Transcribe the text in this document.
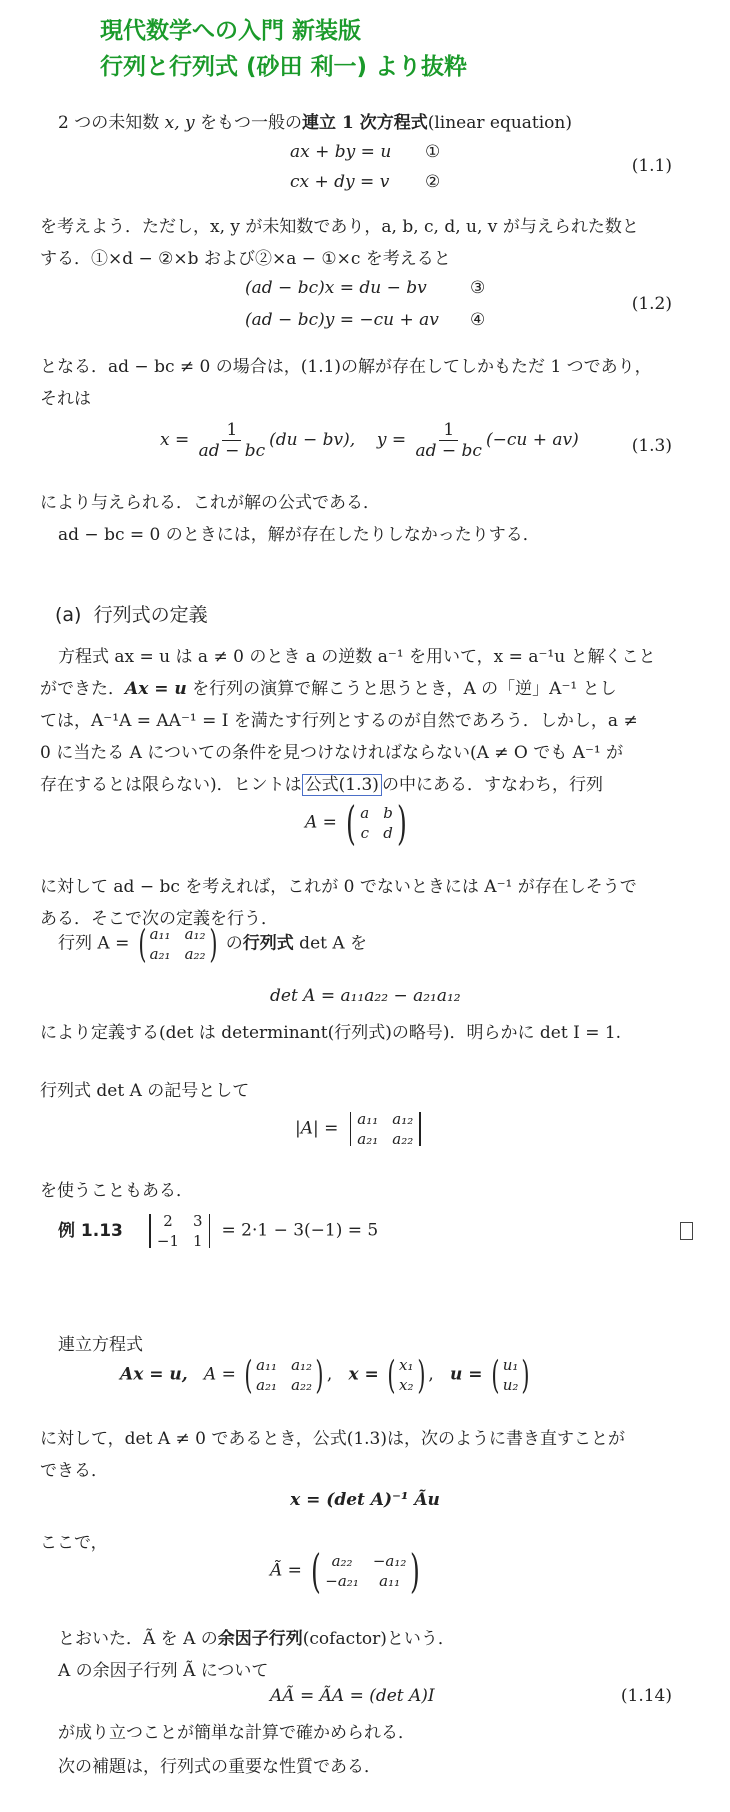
現代数学への入門 新装版
行列と行列式 (砂田 利一) より抜粋
2 つの未知数 x, y をもつ一般の連立 1 次方程式(linear equation)
ax + by = u ①
cx + dy = v ②
(1.1)
を考えよう．ただし，x, y が未知数であり，a, b, c, d, u, v が与えられた数と
する．①×d − ②×b および②×a − ①×c を考えると
(ad − bc)x = du − bv	③
(ad − bc)y = −cu + av ④
(1.2)
となる．ad − bc ≠ 0 の場合は，(1.1)の解が存在してしかもただ 1 つであり，
それは
$x = \frac{1}{ad - bc} (du - bv)$, $y = \frac{1}{ad - bc} (-cu + av)$	(1.3)
により与えられる．これが解の公式である．
ad − bc = 0 のときには，解が存在したりしなかったりする．
(a) 行列式の定義
方程式 ax = u は a ≠ 0 のとき a の逆数 a⁻¹ を用いて，x = a⁻¹u と解くこと
ができた．Ax = u を行列の演算で解こうと思うとき，A の「逆」A⁻¹ とし
ては，A⁻¹A = AA⁻¹ = I を満たす行列とするのが自然であろう．しかし，a ≠
0 に当たる A についての条件を見つけなければならない(A ≠ O でも A⁻¹ が
存在するとは限らない)．ヒントは 公式(1.3) の中にある．すなわち，行列
A = ( a b
c d )
に対して ad − bc を考えれば，これが 0 でないときには A⁻¹ が存在しそうで
ある．そこで次の定義を行う．
行列 A = ( a₁₁ a₁₂
a₂₁ a₂₂ ) の行列式 det A を
det A = a₁₁a₂₂ − a₂₁a₁₂
により定義する(det は determinant(行列式)の略号)．明らかに det I = 1.
行列式 det A の記号として
|A| = a₁₁ a₁₂
a₂₁ a₂₂
を使うこともある．
例 1.13	2	3
−1 1
= 2·1 − 3(−1) = 5
連立方程式
Ax = u, A = ( a₁₁ a₁₂
a₂₁ a₂₂ ) ,   x = ( x₁
x₂ ) ,   u = ( u₁
u₂ )
に対して，det A ≠ 0 であるとき，公式(1.3)は，次のように書き直すことが
できる．
x = (det A)⁻¹ Ãu
ここで，
Ã = ( a₂₂	−a₁₂
−a₂₁	a₁₁ )
とおいた．Ã を A の余因子行列(cofactor)という．
A の余因子行列 Ã について
AÃ = ÃA = (det A)I	(1.14)
が成り立つことが簡単な計算で確かめられる．
次の補題は，行列式の重要な性質である．
